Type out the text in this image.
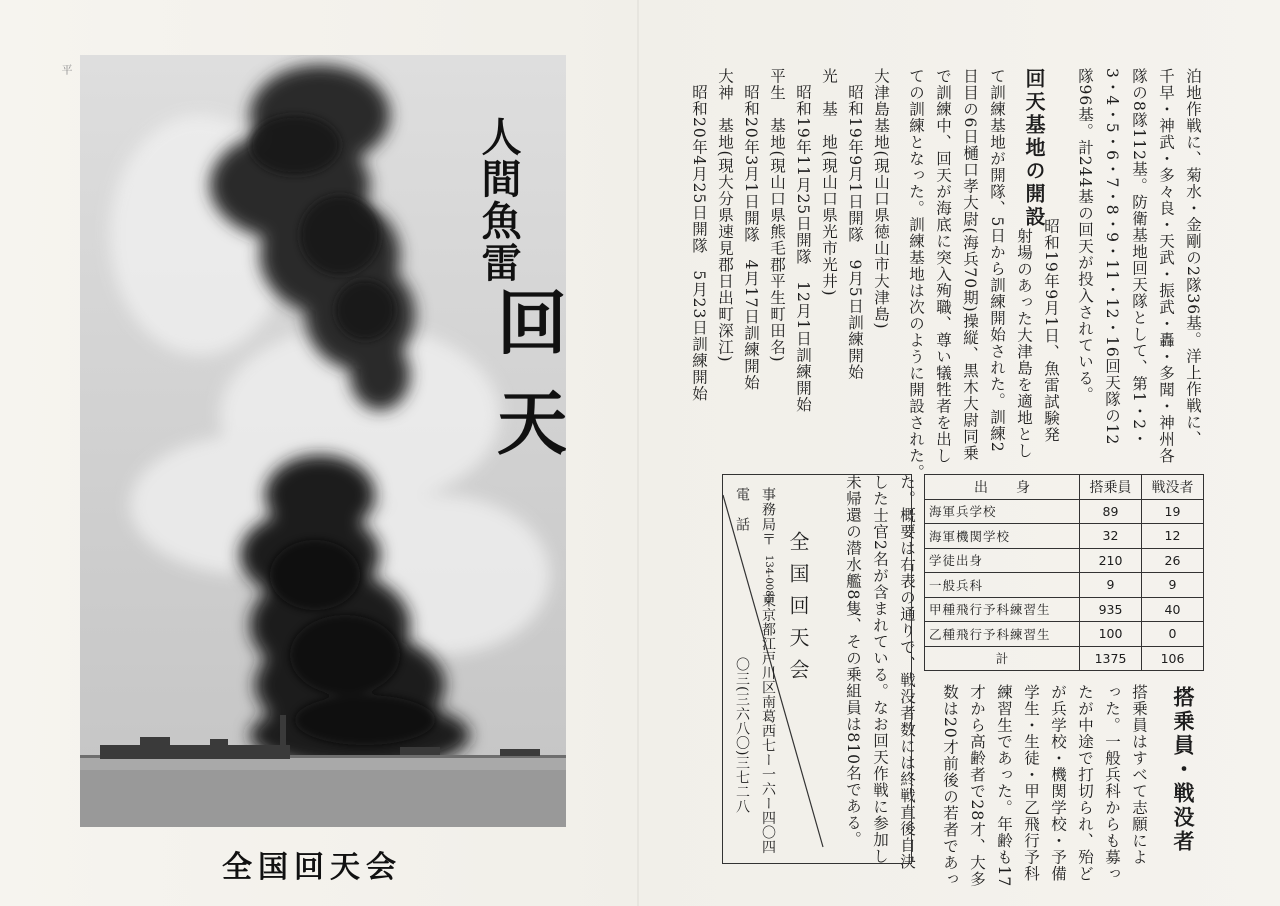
平
人間魚雷
回天
全国回天会
泊地作戦に、菊水・金剛の2隊36基。洋上作戦に、
千早・神武・多々良・天武・振武・轟・多聞・神州各
隊の8隊112基。防衛基地回天隊として、第1・2・
3・4・5・6・7・8・9・11・12・16回天隊の12
隊96基。計244基の回天が投入されている。
回天基地の開設
昭和19年9月1日、魚雷試験発
射場のあった大津島を適地とし
て訓練基地が開隊、5日から訓練開始された。訓練2
日目の6日樋口孝大尉(海兵70期)操縦、黒木大尉同乗
で訓練中、回天が海底に突入殉職、尊い犠牲者を出し
ての訓練となった。訓練基地は次のように開設された。
大津島基地(現山口県徳山市大津島)
昭和19年9月1日開隊　9月5日訓練開始
光　基　地(現山口県光市光井)
昭和19年11月25日開隊　12月1日訓練開始
平生　基地(現山口県熊毛郡平生町田名)
昭和20年3月1日開隊　4月17日訓練開始
大神　基地(現大分県速見郡日出町深江)
昭和20年4月25日開隊　5月23日訓練開始
出　　身	搭乗員	戦没者
海軍兵学校	89	19
海軍機関学校	32	12
学徒出身	210	26
一般兵科	9	9
甲種飛行予科練習生	935	40
乙種飛行予科練習生	100	0
計	1375	106
搭乗員・戦没者
搭乗員はすべて志願によ
った。一般兵科からも募っ
たが中途で打切られ、殆ど
が兵学校・機関学校・予備
学生・生徒・甲乙飛行予科
練習生であった。年齢も17
才から高齢者で28才、大多
数は20才前後の若者であっ
た。概要は右表の通りで、戦没者数には終戦直後自決
した士官2名が含まれている。なお回天作戦に参加し
未帰還の潜水艦8隻、その乗組員は810名である。
全国回天会
事務局〒
134-0085
東京都江戸川区南葛西七ー一六ー四〇四
電　話
〇三(三六八〇)三七二八
